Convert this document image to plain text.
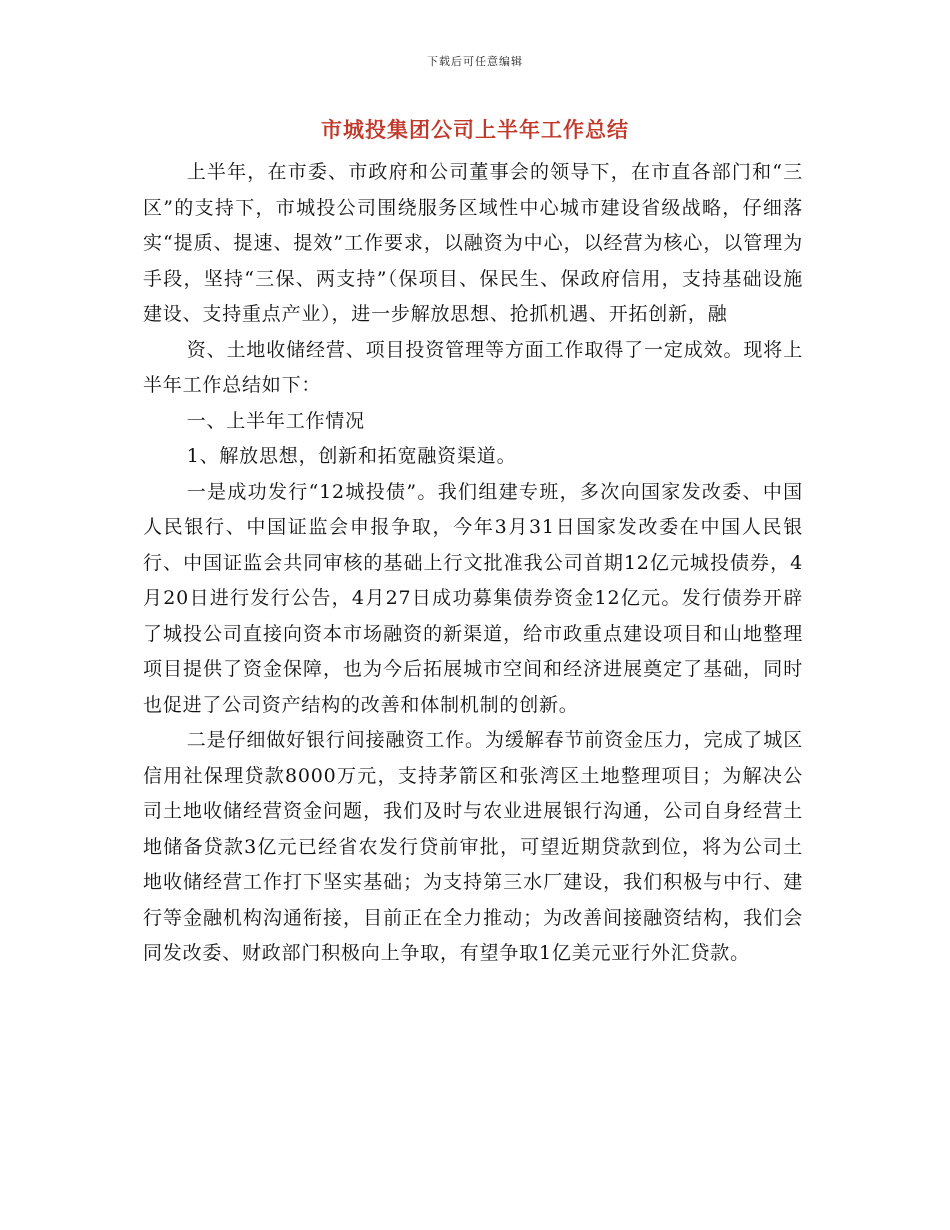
下载后可任意编辑
市城投集团公司上半年工作总结

上半年，在市委、市政府和公司董事会的领导下，在市直各部门和“三区”的支持下，市城投公司围绕服务区域性中心城市建设省级战略，仔细落实“提质、提速、提效”工作要求，以融资为中心，以经营为核心，以管理为手段，坚持“三保、两支持”（保项目、保民生、保政府信用，支持基础设施建设、支持重点产业），进一步解放思想、抢抓机遇、开拓创新，融

资、土地收储经营、项目投资管理等方面工作取得了一定成效。现将上半年工作总结如下：

一、上半年工作情况

1、解放思想，创新和拓宽融资渠道。

一是成功发行“12城投债”。我们组建专班，多次向国家发改委、中国人民银行、中国证监会申报争取，今年3月31日国家发改委在中国人民银行、中国证监会共同审核的基础上行文批准我公司首期12亿元城投债券，4月20日进行发行公告，4月27日成功募集债券资金12亿元。发行债券开辟了城投公司直接向资本市场融资的新渠道，给市政重点建设项目和山地整理项目提供了资金保障，也为今后拓展城市空间和经济进展奠定了基础，同时也促进了公司资产结构的改善和体制机制的创新。

二是仔细做好银行间接融资工作。为缓解春节前资金压力，完成了城区信用社保理贷款8000万元，支持茅箭区和张湾区土地整理项目；为解决公司土地收储经营资金问题，我们及时与农业进展银行沟通，公司自身经营土地储备贷款3亿元已经省农发行贷前审批，可望近期贷款到位，将为公司土地收储经营工作打下坚实基础；为支持第三水厂建设，我们积极与中行、建行等金融机构沟通衔接，目前正在全力推动；为改善间接融资结构，我们会同发改委、财政部门积极向上争取，有望争取1亿美元亚行外汇贷款。
